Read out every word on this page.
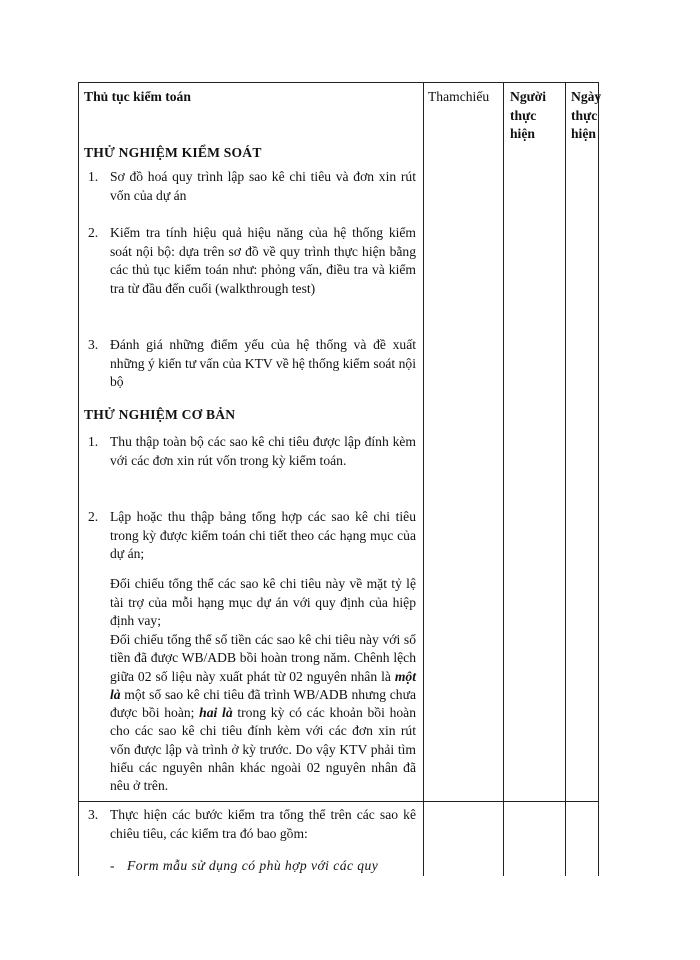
Thủ tục kiểm toán	Thamchiếu Người
thực
hiện
Ngày
thực
hiện
THỬ NGHIỆM KIỂM SOÁT
1. Sơ đồ hoá quy trình lập sao kê chi tiêu và đơn xin rút vốn của dự án
2. Kiểm tra tính hiệu quả hiệu năng của hệ thống kiểm soát nội bộ: dựa trên sơ đồ về quy trình thực hiện bằng các thủ tục kiểm toán như: phỏng vấn, điều tra và kiểm tra từ đầu đến cuối (walkthrough test)
3. Đánh giá những điểm yếu của hệ thống và đề xuất những ý kiến tư vấn của KTV về hệ thống kiểm soát nội bộ
THỬ NGHIỆM CƠ BẢN
1. Thu thập toàn bộ các sao kê chi tiêu được lập đính kèm với các đơn xin rút vốn trong kỳ kiểm toán.
2. Lập hoặc thu thập bảng tổng hợp các sao kê chi tiêu trong kỳ được kiểm toán chi tiết theo các hạng mục của dự án;
Đối chiếu tổng thể các sao kê chi tiêu này về mặt tỷ lệ tài trợ của mỗi hạng mục dự án với quy định của hiệp định vay;
Đối chiếu tổng thể số tiền các sao kê chi tiêu này với số tiền đã được WB/ADB bồi hoàn trong năm. Chênh lệch giữa 02 số liệu này xuất phát từ 02 nguyên nhân là một là một số sao kê chi tiêu đã trình WB/ADB nhưng chưa được bồi hoàn; hai là trong kỳ có các khoản bồi hoàn cho các sao kê chi tiêu đính kèm với các đơn xin rút vốn được lập và trình ở kỳ trước. Do vậy KTV phải tìm hiểu các nguyên nhân khác ngoài 02 nguyên nhân đã nêu ở trên.
3. Thực hiện các bước kiểm tra tổng thể trên các sao kê chiêu tiêu, các kiểm tra đó bao gồm:
- Form mẫu sử dụng có phù hợp với các quy
